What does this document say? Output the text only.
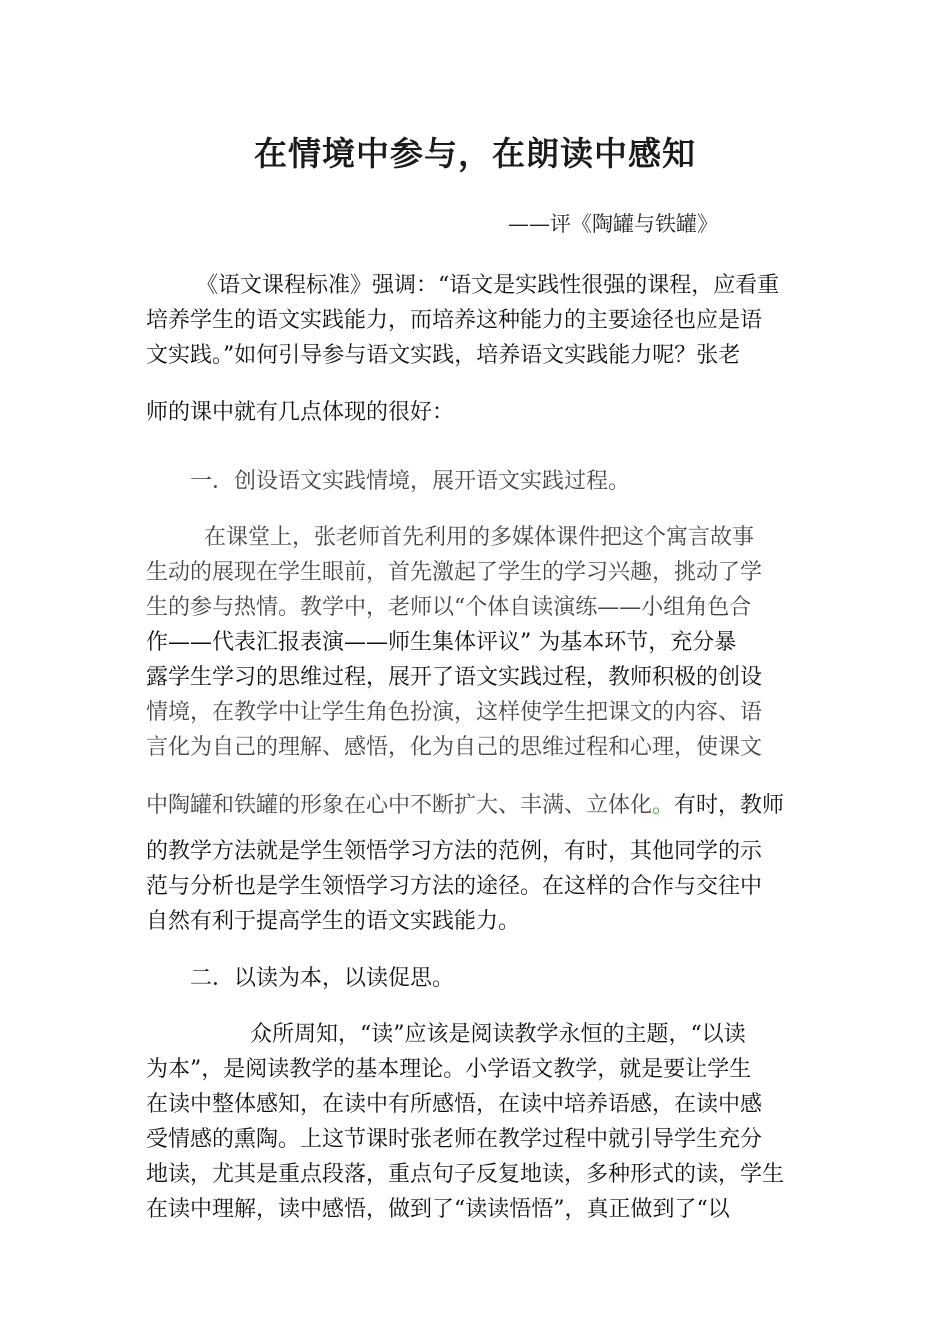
在情境中参与，在朗读中感知
——评《陶罐与铁罐》
《语文课程标准》强调：“语文是实践性很强的课程，应看重
培养学生的语文实践能力，而培养这种能力的主要途径也应是语
文实践。”如何引导参与语文实践，培养语文实践能力呢？张老
师的课中就有几点体现的很好：
一．创设语文实践情境，展开语文实践过程。
在课堂上，张老师首先利用的多媒体课件把这个寓言故事
生动的展现在学生眼前，首先激起了学生的学习兴趣，挑动了学
生的参与热情。教学中，老师以“个体自读演练——小组角色合
作——代表汇报表演——师生集体评议” 为基本环节，充分暴
露学生学习的思维过程，展开了语文实践过程，教师积极的创设
情境，在教学中让学生角色扮演，这样使学生把课文的内容、语
言化为自己的理解、感悟，化为自己的思维过程和心理，使课文
中陶罐和铁罐的形象在心中不断扩大、丰满、立体化。有时，教师
的教学方法就是学生领悟学习方法的范例，有时，其他同学的示
范与分析也是学生领悟学习方法的途径。在这样的合作与交往中
自然有利于提高学生的语文实践能力。
二．以读为本，以读促思。
众所周知，“读”应该是阅读教学永恒的主题，“以读
为本”，是阅读教学的基本理论。小学语文教学，就是要让学生
在读中整体感知，在读中有所感悟，在读中培养语感，在读中感
受情感的熏陶。上这节课时张老师在教学过程中就引导学生充分
地读，尤其是重点段落，重点句子反复地读，多种形式的读，学生
在读中理解，读中感悟，做到了“读读悟悟”，真正做到了“以
